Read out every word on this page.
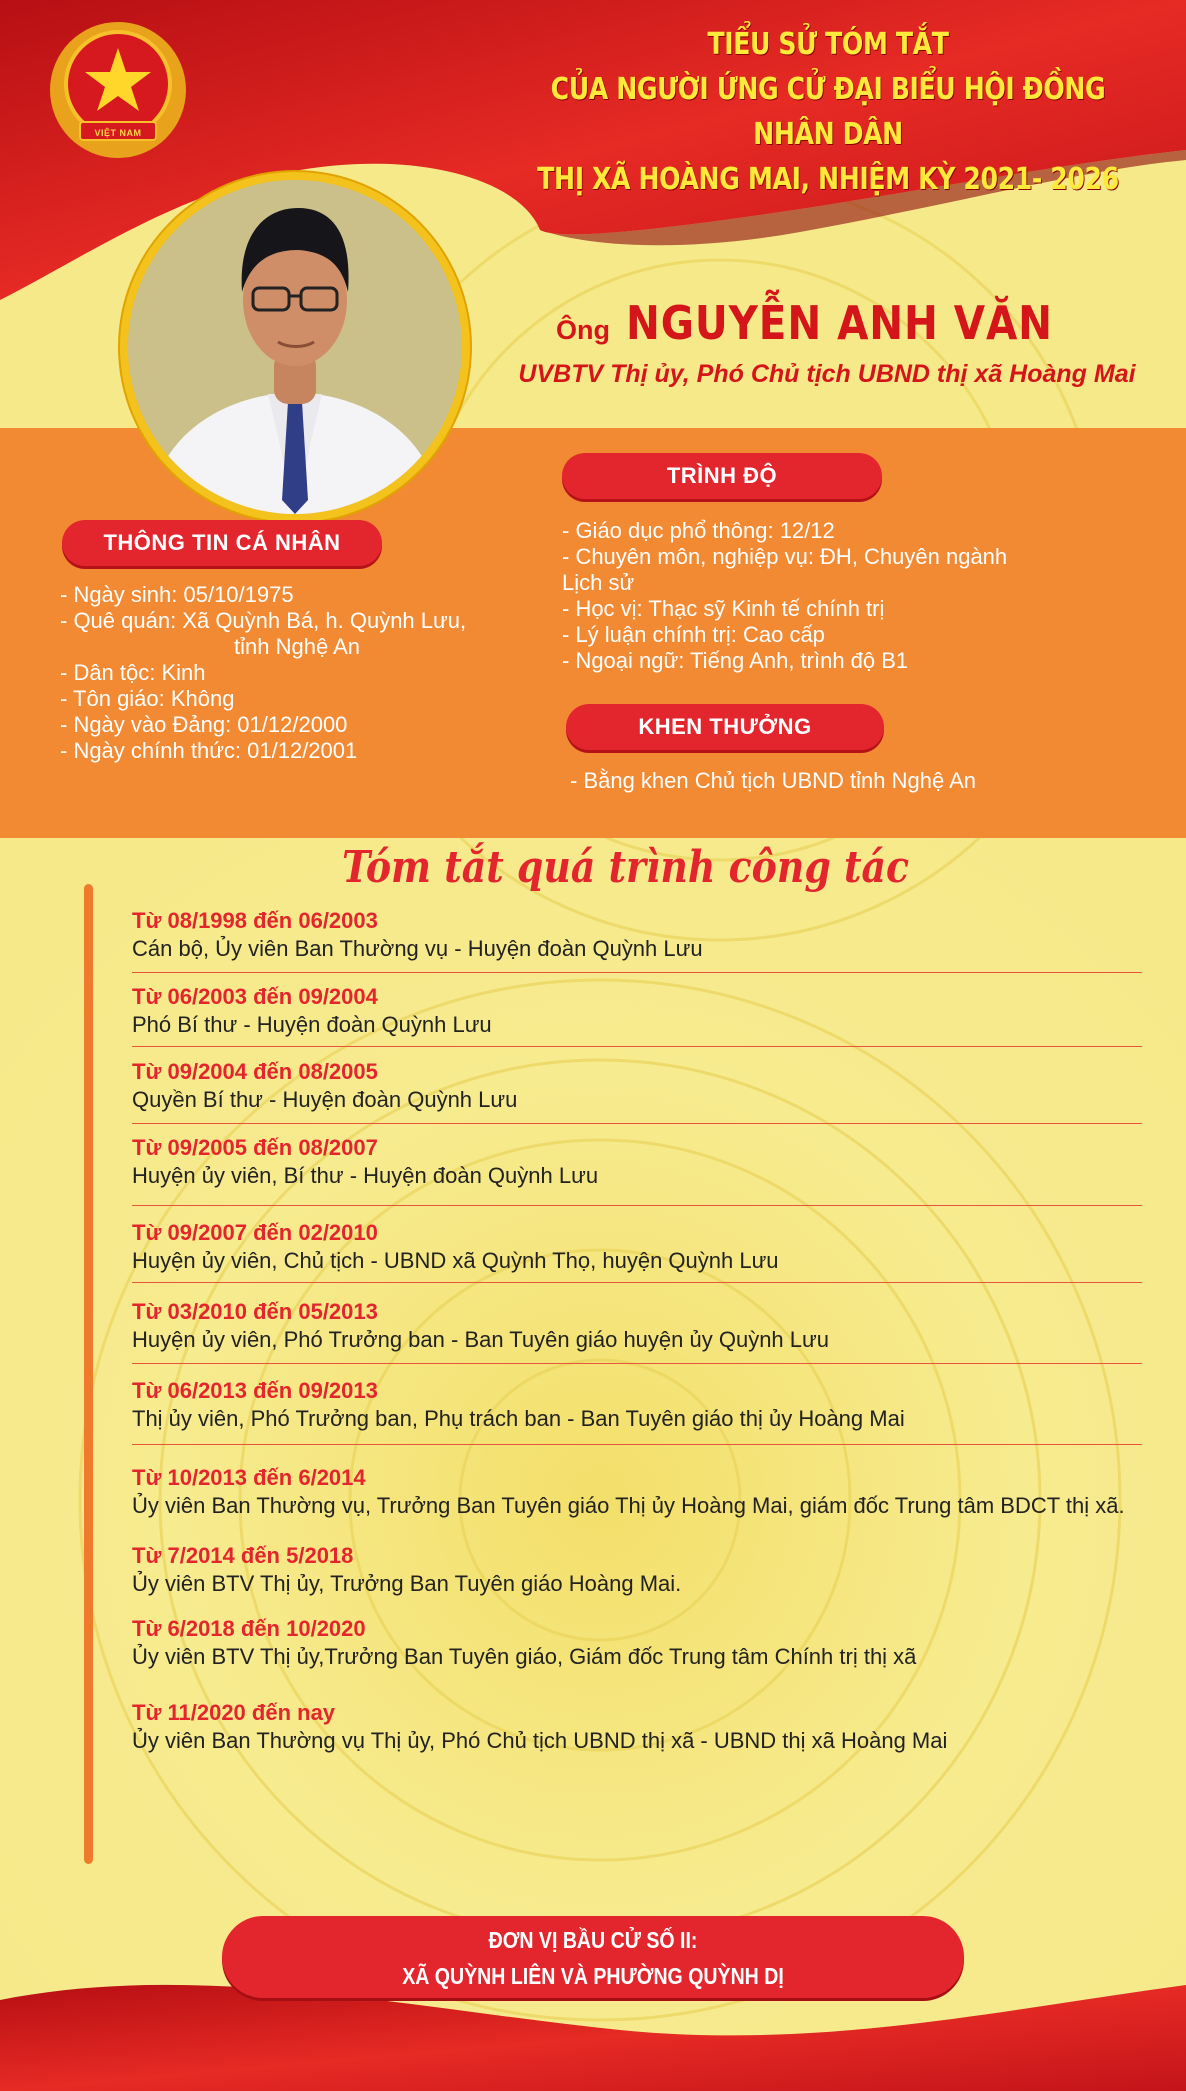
VIỆT NAM
TIỂU SỬ TÓM TẮT
CỦA NGƯỜI ỨNG CỬ ĐẠI BIỂU HỘI ĐỒNG NHÂN DÂN
THỊ XÃ HOÀNG MAI, NHIỆM KỲ 2021- 2026
Ông NGUYỄN ANH VĂN
UVBTV Thị ủy, Phó Chủ tịch UBND thị xã Hoàng Mai
THÔNG TIN CÁ NHÂN
- Ngày sinh: 05/10/1975
- Quê quán: Xã Quỳnh Bá, h. Quỳnh Lưu,
tỉnh Nghệ An
- Dân tộc: Kinh
- Tôn giáo: Không
- Ngày vào Đảng: 01/12/2000
- Ngày chính thức: 01/12/2001
TRÌNH ĐỘ
- Giáo dục phổ thông: 12/12
- Chuyên môn, nghiệp vụ: ĐH, Chuyên ngành
Lịch sử
- Học vị: Thạc sỹ Kinh tế chính trị
- Lý luận chính trị: Cao cấp
- Ngoại ngữ: Tiếng Anh, trình độ B1
KHEN THƯỞNG
- Bằng khen Chủ tịch UBND tỉnh Nghệ An
Tóm tắt quá trình công tác
Từ 08/1998 đến 06/2003
Cán bộ, Ủy viên Ban Thường vụ - Huyện đoàn Quỳnh Lưu
Từ 06/2003 đến 09/2004
Phó Bí thư - Huyện đoàn Quỳnh Lưu
Từ 09/2004 đến 08/2005
Quyền Bí thư - Huyện đoàn Quỳnh Lưu
Từ 09/2005 đến 08/2007
Huyện ủy viên, Bí thư - Huyện đoàn Quỳnh Lưu
Từ 09/2007 đến 02/2010
Huyện ủy viên, Chủ tịch - UBND xã Quỳnh Thọ, huyện Quỳnh Lưu
Từ 03/2010 đến 05/2013
Huyện ủy viên, Phó Trưởng ban - Ban Tuyên giáo huyện ủy Quỳnh Lưu
Từ 06/2013 đến 09/2013
Thị ủy viên, Phó Trưởng ban, Phụ trách ban - Ban Tuyên giáo thị ủy Hoàng Mai
Từ 10/2013 đến 6/2014
Ủy viên Ban Thường vụ, Trưởng Ban Tuyên giáo Thị ủy Hoàng Mai, giám đốc Trung tâm BDCT thị xã.
Từ 7/2014 đến 5/2018
Ủy viên BTV Thị ủy, Trưởng Ban Tuyên giáo Hoàng Mai.
Từ 6/2018 đến 10/2020
Ủy viên BTV Thị ủy,Trưởng Ban Tuyên giáo, Giám đốc Trung tâm Chính trị thị xã
Từ 11/2020 đến nay
Ủy viên Ban Thường vụ Thị ủy, Phó Chủ tịch UBND thị xã - UBND thị xã Hoàng Mai
ĐƠN VỊ BẦU CỬ SỐ II:
XÃ QUỲNH LIÊN VÀ PHƯỜNG QUỲNH DỊ
